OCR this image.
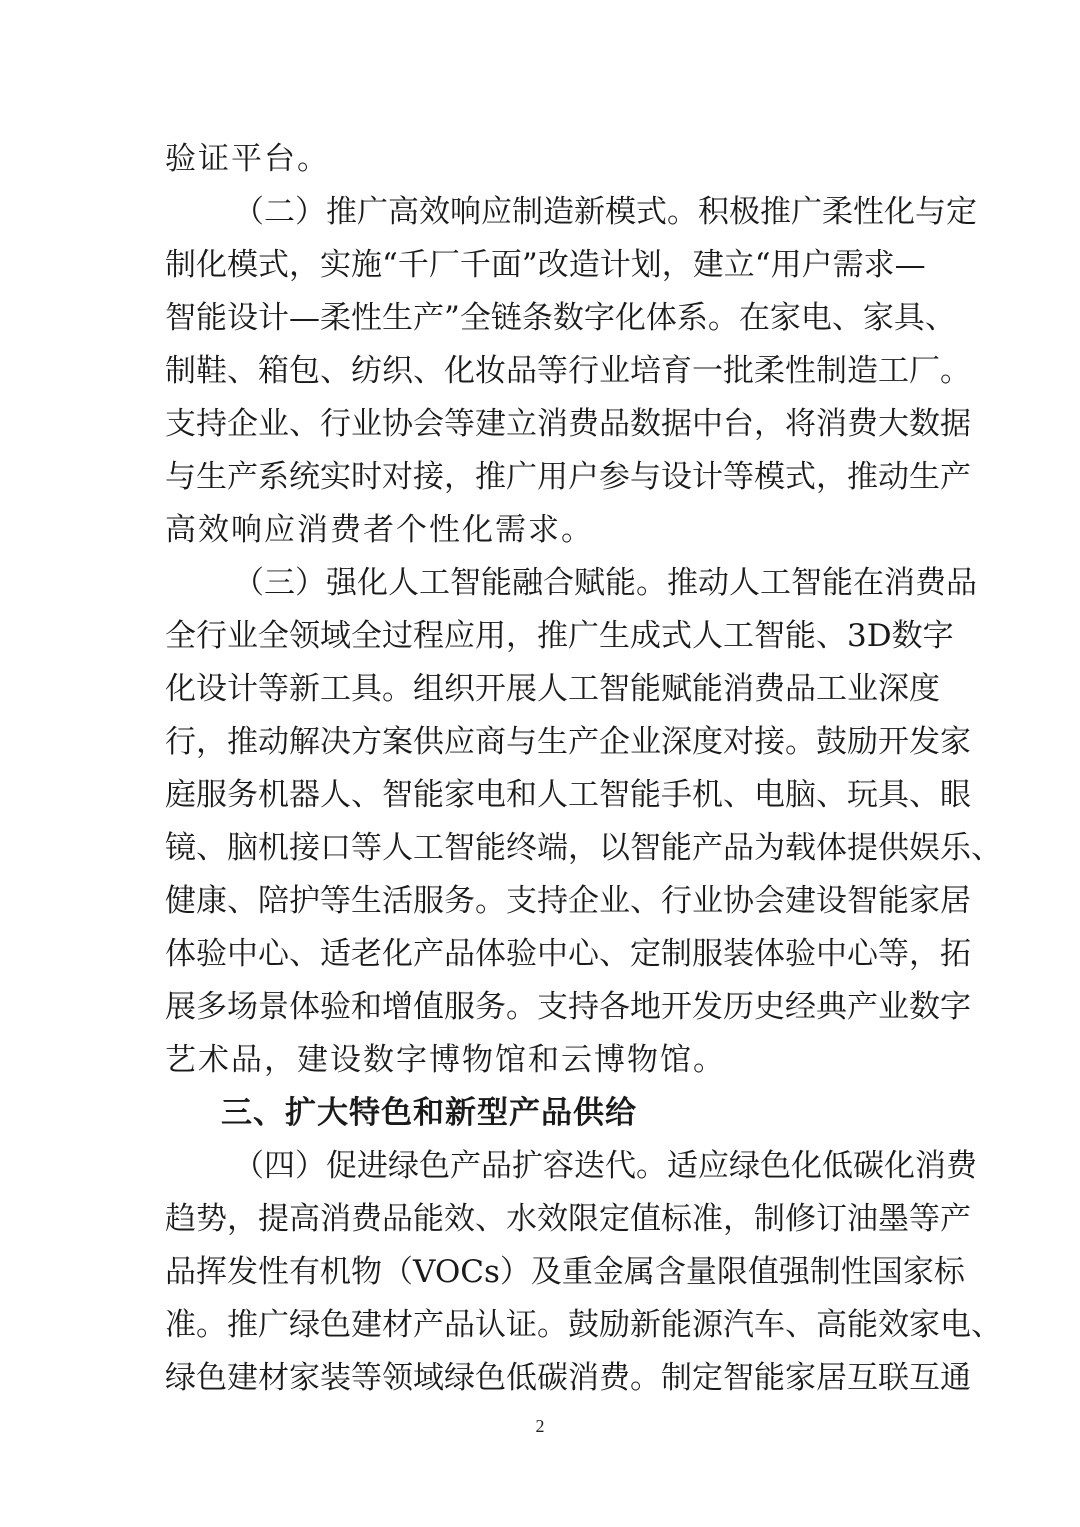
验证平台。
（ 二 ） 推 广 高 效 响 应 制 造 新 模 式 。 积 极 推 广 柔 性 化 与 定
制 化 模 式 ， 实 施 “ 千 厂 千 面 ” 改 造 计 划 ， 建 立 “ 用 户 需 求 —
智 能 设 计 — 柔 性 生 产 ” 全 链 条 数 字 化 体 系 。 在 家 电 、 家 具 、
制 鞋 、 箱 包 、 纺 织 、 化 妆 品 等 行 业 培 育 一 批 柔 性 制 造 工 厂 。
支 持 企 业 、 行 业 协 会 等 建 立 消 费 品 数 据 中 台 ， 将 消 费 大 数 据
与 生 产 系 统 实 时 对 接 ， 推 广 用 户 参 与 设 计 等 模 式 ， 推 动 生 产
高效响应消费者个性化需求。
（ 三 ） 强 化 人 工 智 能 融 合 赋 能 。 推 动 人 工 智 能 在 消 费 品
全 行 业 全 领 域 全 过 程 应 用 ， 推 广 生 成 式 人 工 智 能 、 3D 数 字
化 设 计 等 新 工 具 。 组 织 开 展 人 工 智 能 赋 能 消 费 品 工 业 深 度
行 ， 推 动 解 决 方 案 供 应 商 与 生 产 企 业 深 度 对 接 。 鼓 励 开 发 家
庭 服 务 机 器 人 、 智 能 家 电 和 人 工 智 能 手 机 、 电 脑 、 玩 具 、 眼
镜 、 脑 机 接 口 等 人 工 智 能 终 端 ， 以 智 能 产 品 为 载 体 提 供 娱 乐 、
健 康 、 陪 护 等 生 活 服 务 。 支 持 企 业 、 行 业 协 会 建 设 智 能 家 居
体 验 中 心 、 适 老 化 产 品 体 验 中 心 、 定 制 服 装 体 验 中 心 等 ， 拓
展 多 场 景 体 验 和 增 值 服 务 。 支 持 各 地 开 发 历 史 经 典 产 业 数 字
艺术品，建设数字博物馆和云博物馆。
三、扩大特色和新型产品供给
（ 四 ） 促 进 绿 色 产 品 扩 容 迭 代 。 适 应 绿 色 化 低 碳 化 消 费
趋 势 ， 提 高 消 费 品 能 效 、 水 效 限 定 值 标 准 ， 制 修 订 油 墨 等 产
品 挥 发 性 有 机 物 （ VOCs ） 及 重 金 属 含 量 限 值 强 制 性 国 家 标
准 。 推 广 绿 色 建 材 产 品 认 证 。 鼓 励 新 能 源 汽 车 、 高 能 效 家 电 、
绿 色 建 材 家 装 等 领 域 绿 色 低 碳 消 费 。 制 定 智 能 家 居 互 联 互 通
2
